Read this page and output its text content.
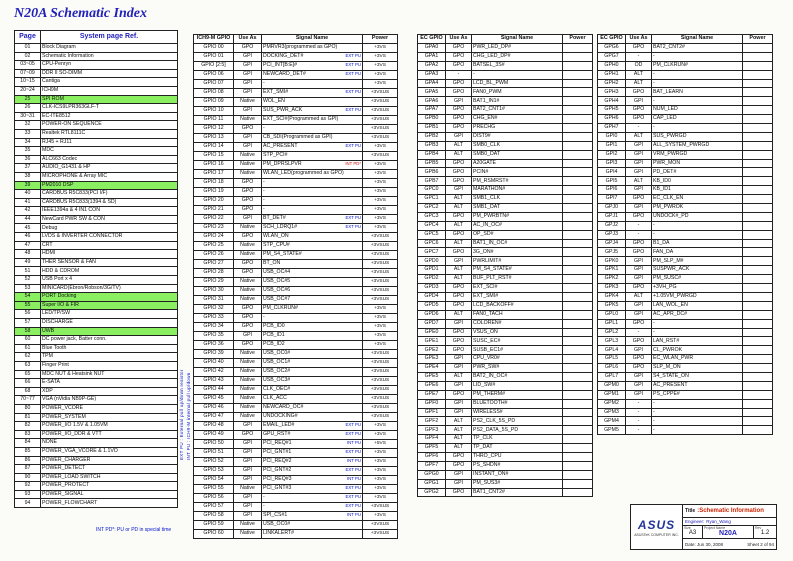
N20A Schematic Index
Page	System page Ref.
01	Block Diagram
02	Schematic Information
03~05	CPU-Penryn
07~09	DDR II SO-DIMM
10~15	Cantiga
20~24	ICH9M
25	SPI ROM
26	CLK-ICS9LPR363GLF-T
30~31	EC-ITE8512
32	POWER-ON SEQUENCE
33	Realtek RTL8111C
34	RJ45 + RJ11
35	MDC
36	ALC663 Codec
37	AUDIO_G1431 & HP
38	MICROPHONE & Array MIC
39	PM2010 DSP
40	CARDBUS R5C833(PCI I/F)
41	CARDBUS R5C833(1394 & SD)
42	IEEE1394a & 4 IN1 CON
44	NewCard PWR SW & CON
45	Debug
46	LVDS & INVERTER CONNECTOR
47	CRT
48	HDMI
49	THER SENSOR & FAN
51	HDD & CDROM
52	USB Port x 4
53	MINICARD(Ebron/Robson/3G/TV)
54	PORT Docking
55	Super I/O & FIR
56	LED/TP/SW
57	DISCHARGE
58	UWB
60	DC power jack, Batter conn.
61	Blue Tooth
62	TPM
63	Finger Print
65	MDC NUT & Heatsink NUT
66	E-SATA
68	XDP
70~77	VGA (nVidia NB9P-GE)
80	POWER_VCORE
81	POWER_SYSTEM
82	POWER_I/O 1.5V & 1.05VM
83	POWER_I/O_DDR & VTT
84	NONE
85	POWER_VGA_VCORE & 1.1VO
86	POWER_CHARGER
87	POWER_DETECT
90	POWER_LOAD SWITCH
92	POWER_PROTECT
93	POWER_SIGNAL
94	POWER_FLOWCHART
ICH9-M GPIO	Use As	Signal Name	Power
GPIO 00	GPO	PMRVR3(programmed as GPO)	+3VS
GPIO 01	GPI	DOCKING_DET# EXT PU	+3VS
GPIO [2:5]	GPI	PCI_INT[B:E]# EXT PU	+3VS
GPIO 06	GPI	NEWCARD_DET# EXT PU	+3VS
GPIO 07	GPI	-	+3VS
GPIO 08	GPI	EXT_SMI# EXT PU	+3VSUS
GPIO 09	Native	WOL_EN	+3VSUS
GPIO 10	GPI	SUS_PWR_ACK EXT PU	+3VSUS
GPIO 11	Native	EXT_SCI#(Programmed as GPI)	+3VSUS
GPIO 12	GPO	-	+3VSUS
GPIO 13	GPI	CB_SDI(Programmed as GPI)	+3VSUS
GPIO 14	GPI	AC_PRESENT EXT PU	+3VS
GPIO 15	Native	STP_PCI#	+3VSUS
GPIO 16	Native	PM_DPRSLPVR INT PD*	+3VS
GPIO 17	Native	WLAN_LED(programmed as GPO)	+3VS
GPIO 18	GPO	-	+3VS
GPIO 19	GPO	-	+3VS
GPIO 20	GPO	-	+3VS
GPIO 21	GPO	-	+3VS
GPIO 22	GPI	BT_DET# EXT PU	+3VS
GPIO 23	Native	SCH_LDRQ1# EXT PU	+3VS
GPIO 24	GPO	WLAN_ON	+3VSUS
GPIO 25	Native	STP_CPU#	+3VSUS
GPIO 26	Native	PM_S4_STATE#	+3VSUS
GPIO 27	GPO	BT_ON	+3VSUS
GPIO 28	GPO	USB_OC#4	+3VSUS
GPIO 29	Native	USB_OC#5	+3VSUS
GPIO 30	Native	USB_OC#6	+3VSUS
GPIO 31	Native	USB_OC#7	+3VSUS
GPIO 32	GPO	PM_CLKRUN#	+3VS
GPIO 33	GPO	-	+3VS
GPIO 34	GPO	PCB_ID0	+3VS
GPIO 35	GPI	PCB_ID1	+3VS
GPIO 36	GPO	PCB_ID2	+3VS
GPIO 39	Native	USB_OC0#	+3VSUS
GPIO 40	Native	USB_OC1#	+3VSUS
GPIO 42	Native	USB_OC2#	+3VSUS
GPIO 43	Native	USB_OC3#	+3VSUS
GPIO 44	Native	CLK_OEC#	+3VSUS
GPIO 45	Native	CLK_ACC	+3VSUS
GPIO 46	Native	NEWCARD_OC#	+3VSUS
GPIO 47	Native	UNDOCKING#	+3VSUS
GPIO 48	GPI	EMAIL_LED# EXT PU	+3VS
GPIO 49	GPO	GPU_RST# EXT PU	+3VS
GPIO 50	GPI	PCI_REQ#1 INT PU	+5VS
GPIO 51	GPI	PCI_GNT#1 EXT PU	+3VS
GPIO 52	GPI	PCI_REQ#2 INT PU	+3VS
GPIO 53	GPI	PCI_GNT#2 EXT PU	+3VS
GPIO 54	GPI	PCI_REQ#3 INT PU	+3VS
GPIO 55	Native	PCI_GNT#3 EXT PU	+3VS
GPIO 56	GPI	- EXT PU	+3VS
GPIO 57	GPI	- EXT PU	+3VSUS
GPIO 58	GPI	SPI_CS#1 INT PU	+3VS
GPIO 59	Native	USB_OC0#	+3VSUS
GPIO 60	Native	LINKALERT#	+3VSUS
EC GPIO	Use As	Signal Name	Power
GPA0	GPO	PWR_LED_DP#	
GPA1	GPO	CHG_LED_DP#	
GPA2	GPO	BATSEL_3S#	
GPA3	-	-	
GPA4	GPO	LCD_BL_PWM	
GPA5	GPO	FAN0_PWM	
GPA6	GPI	BAT1_IN1#	
GPA7	GPO	BAT2_CNT1#	
GPB0	GPO	CHG_EN#	
GPB1	GPO	PRECHG	
GPB2	GPI	DIST9#	
GPB3	ALT	SMB0_CLK	
GPB4	ALT	SMB0_DAT	
GPB5	GPO	A20GATE	
GPB6	GPO	PCIN#	
GPB7	GPO	PM_RSMRST#	
GPC0	GPI	MARATHON#	
GPC1	ALT	SMB1_CLK	
GPC2	ALT	SMB1_DAT	
GPC3	GPO	PM_PWRBTN#	
GPC4	ALT	AC_IN_OC#	
GPC5	GPO	OP_SD#	
GPC6	ALT	BAT1_IN_OC#	
GPC7	GPO	3G_ON#	
GPD0	GPI	PWRLIMIT#	
GPD1	ALT	PM_S4_STATE#	
GPD2	ALT	BUF_PLT_RST#	
GPD3	GPO	EXT_SCI#	
GPD4	GPO	EXT_SMI#	
GPD5	GPO	LCD_BACKOFF#	
GPD6	ALT	FAN0_TACH	
GPD7	GPI	COLOREN#	
GPE0	GPO	VSUS_ON	
GPE1	GPO	SUSC_EC#	
GPE2	GPO	SUSB_EC1#	
GPE3	GPI	CPU_VR0#	
GPE4	GPI	PWR_SW#	
GPE5	ALT	BAT2_IN_OC#	
GPE6	GPI	LID_SW#	
GPE7	GPO	PM_THERM#	
GPF0	GPI	BLUETOOTH#	
GPF1	GPI	WIRELESS#	
GPF2	ALT	PS2_CLK_5S_PD	
GPF3	ALT	PS2_DATA_5S_PD	
GPF4	ALT	TP_CLK	
GPF5	ALT	TP_DAT	
GPF6	GPO	THRO_CPU	
GPF7	GPO	PS_SHDN#	
GPG0	GPI	INSTANT_ON#	
GPG1	GPI	PM_SUS3#	
GPG2	GPO	BAT1_CNT2#	
EC GPIO	Use As	Signal Name	Power
GPG6	GPO	BAT2_CNT2#	
GPG7	-	-	
GPH0	OD	PM_CLKRUN#	
GPH1	ALT	-	
GPH2	ALT	-	
GPH3	GPO	BAT_LEARN	
GPH4	GPI	-	
GPH5	GPO	NUM_LED	
GPH6	GPO	CAP_LED	
GPH7	-	-	
GPI0	ALT	SUS_PWRGD	
GPI1	GPI	ALL_SYSTEM_PWRGD	
GPI2	GPI	VRM_PWRGD	
GPI3	GPI	PWR_MON	
GPI4	GPI	PD_DET#	
GPI5	ALT	KB_ID0	
GPI6	GPI	KB_ID1	
GPI7	GPO	EC_CLK_EN	
GPJ0	GPI	PM_PWROK	
GPJ1	GPO	UNDOCK#_PD	
GPJ2	-	-	
GPJ3	-	-	
GPJ4	GPO	B1_DA	
GPJ5	GPO	FAN_DA	
GPK0	GPI	PM_SLP_M#	
GPK1	GPI	SUSPWR_ACK	
GPK2	GPI	PM_SUSC#	
GPK3	GPO	+3VH_PG	
GPK4	ALT	+1.05VM_PWRGD	
GPK5	GPI	LAN_WOL_EN	
GPL0	GPI	AC_APR_DC#	
GPL1	GPO	-	
GPL2	-	-	
GPL3	GPO	LAN_RST#	
GPL4	GPI	CL_PWROK	
GPL5	GPO	EC_WLAN_PWR	
GPL6	GPO	SLP_M_ON	
GPL7	GPI	S4_STATE_ON	
GPM0	GPI	AC_PRESENT	
GPM1	GPI	PS_CPPE#	
GPM2	-	-	
GPM3	-	-	
GPM4	-	-	
GPM5	-	-	
EXT PU : External pull up/down resistor INT PU : ICH9-M internal pull up/down
INT PD*: PU or PD in special time	ASUS
ASUSTeK COMPUTER INC.
Title :Schematic Information
Engineer: Ryan_Wang
Size
A3
Project Name
N20A
Rev
1.2
Date: Jun 30, 2008	Sheet 2 of 94
